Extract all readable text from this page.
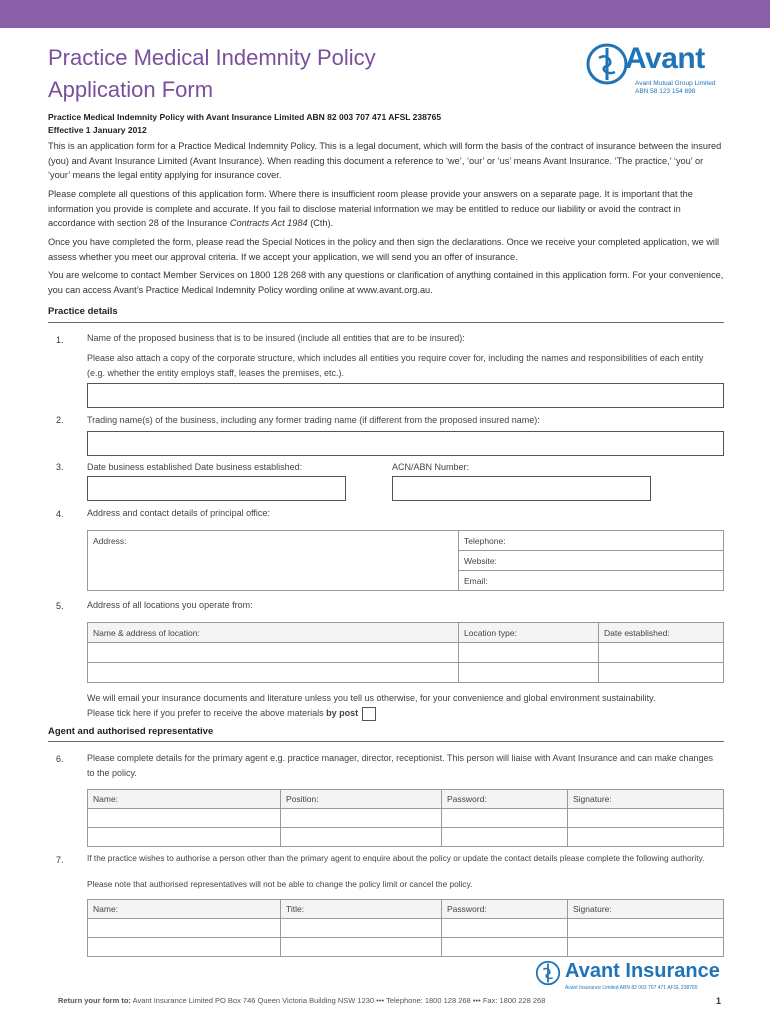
Practice Medical Indemnity Policy
Application Form
Avant
Avant Mutual Group Limited
ABN 58 123 154 898
Practice Medical Indemnity Policy with Avant Insurance Limited ABN 82 003 707 471 AFSL 238765
Effective 1 January 2012
This is an application form for a Practice Medical Indemnity Policy. This is a legal document, which will form the basis of the contract of insurance between the insured (you) and Avant Insurance Limited (Avant Insurance). When reading this document a reference to ‘we’, ‘our’ or ‘us’ means Avant Insurance. ‘The practice,’ ‘you’ or ‘your’ means the legal entity applying for insurance cover.
Please complete all questions of this application form. Where there is insufficient room please provide your answers on a separate page. It is important that the information you provide is complete and accurate. If you fail to disclose material information we may be entitled to reduce our liability or avoid the contract in accordance with section 28 of the Insurance Contracts Act 1984 (Cth).
Once you have completed the form, please read the Special Notices in the policy and then sign the declarations. Once we receive your completed application, we will assess whether you meet our approval criteria. If we accept your application, we will send you an offer of insurance.
You are welcome to contact Member Services on 1800 128 268 with any questions or clarification of anything contained in this application form. For your convenience, you can access Avant’s Practice Medical Indemnity Policy wording online at www.avant.org.au.
Practice details
1.	Name of the proposed business that is to be insured (include all entities that are to be insured):
Please also attach a copy of the corporate structure, which includes all entities you require cover for, including the names and responsibilities of each entity (e.g. whether the entity employs staff, leases the premises, etc.).
2.	Trading name(s) of the business, including any former trading name (if different from the proposed insured name):
3.	Date business established Date business established:	ACN/ABN Number:
4.	Address and contact details of principal office:
Address:	Telephone:
Website:
Email:
5.	Address of all locations you operate from:
Name & address of location:	Location type:	Date established:

We will email your insurance documents and literature unless you tell us otherwise, for your convenience and global environment sustainability.
Please tick here if you prefer to receive the above materials by post
Agent and authorised representative
6.	Please complete details for the primary agent e.g. practice manager, director, receptionist. This person will liaise with Avant Insurance and can make changes to the policy.
Name:	Position:	Password:	Signature:

7.	If the practice wishes to authorise a person other than the primary agent to enquire about the policy or update the contact details please complete the following authority.
Please note that authorised representatives will not be able to change the policy limit or cancel the policy.
Name:	Title:	Password:	Signature:

Avant Insurance
Avant Insurance Limited ABN 82 003 707 471 AFSL 238765
Return your form to: Avant Insurance Limited PO Box 746 Queen Victoria Building NSW 1230 ••• Telephone: 1800 128 268 ••• Fax: 1800 228 268	1
